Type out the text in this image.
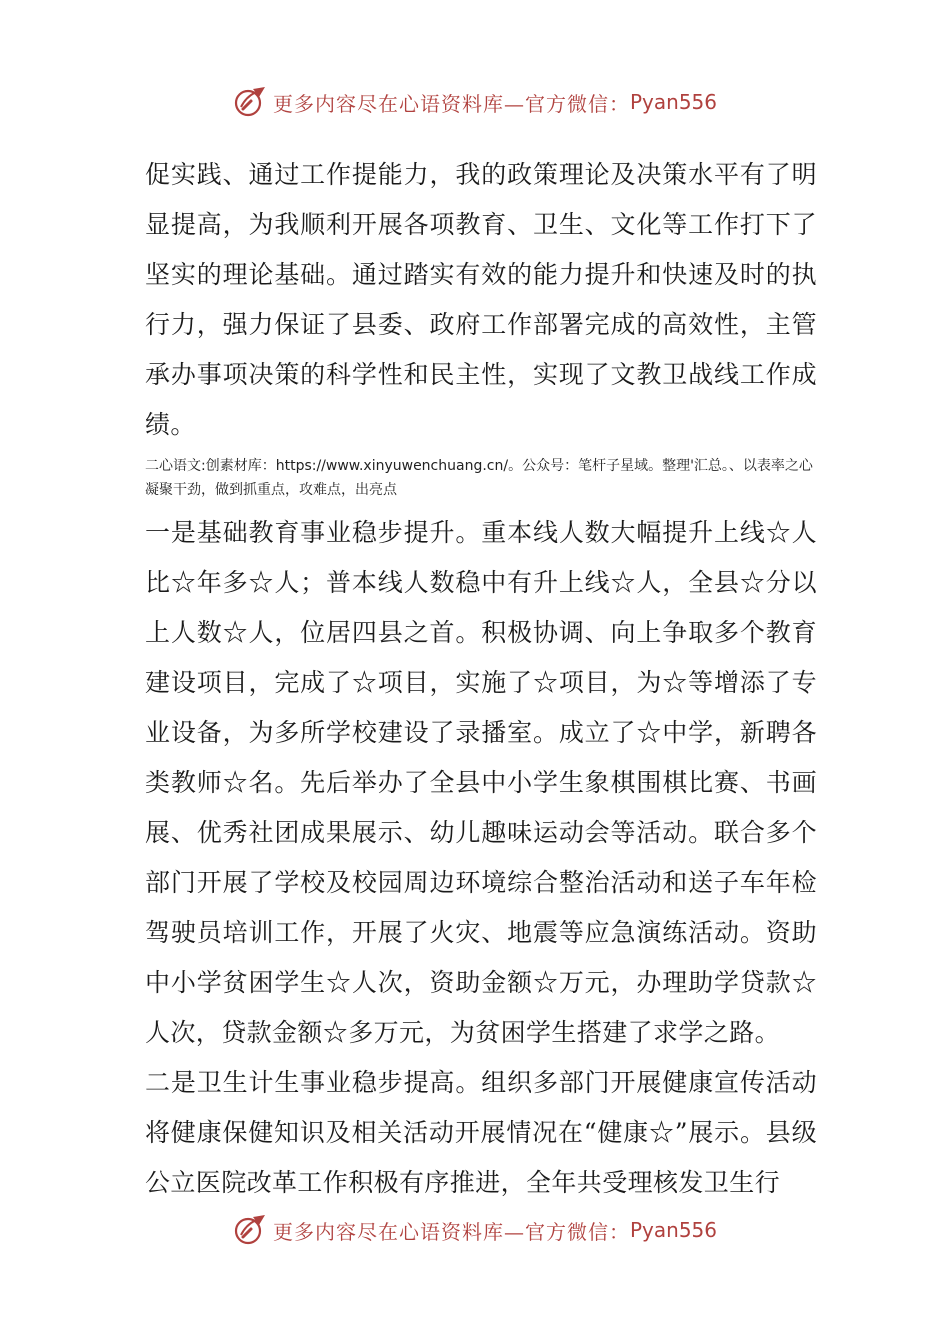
更多内容尽在心语资料库—官方微信： Pyan556

促实践、通过工作提能力，我的政策理论及决策水平有了明显提高，为我顺利开展各项教育、卫生、文化等工作打下了坚实的理论基础。通过踏实有效的能力提升和快速及时的执行力，强力保证了县委、政府工作部署完成的高效性，主管承办事项决策的科学性和民主性，实现了文教卫战线工作成绩。

二心语文:创素材库：https://www.xinyuwenchuang.cn/。公众号：笔杆子星域。整理'汇总。、以表率之心凝聚干劲，做到抓重点，攻难点，出亮点

一是基础教育事业稳步提升。重本线人数大幅提升上线☆人比☆年多☆人；普本线人数稳中有升上线☆人，全县☆分以上人数☆人，位居四县之首。积极协调、向上争取多个教育建设项目，完成了☆项目，实施了☆项目，为☆等增添了专业设备，为多所学校建设了录播室。成立了☆中学，新聘各类教师☆名。先后举办了全县中小学生象棋围棋比赛、书画展、优秀社团成果展示、幼儿趣味运动会等活动。联合多个部门开展了学校及校园周边环境综合整治活动和送子车年检驾驶员培训工作，开展了火灾、地震等应急演练活动。资助中小学贫困学生☆人次，资助金额☆万元，办理助学贷款☆人次，贷款金额☆多万元，为贫困学生搭建了求学之路。

二是卫生计生事业稳步提高。组织多部门开展健康宣传活动将健康保健知识及相关活动开展情况在“健康☆”展示。县级公立医院改革工作积极有序推进，全年共受理核发卫生行

更多内容尽在心语资料库—官方微信： Pyan556
